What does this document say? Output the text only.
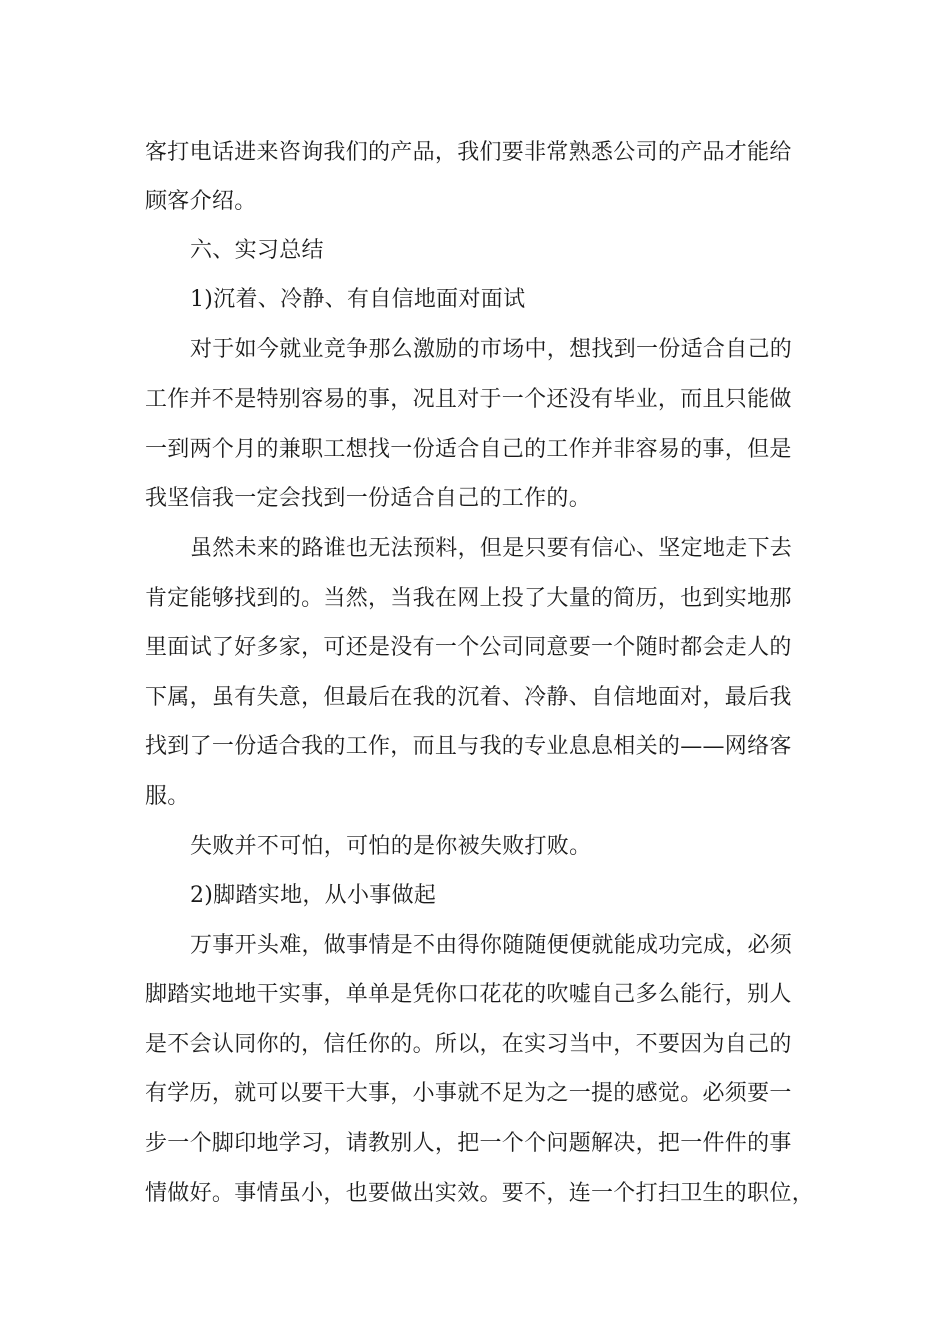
客打电话进来咨询我们的产品，我们要非常熟悉公司的产品才能给
顾客介绍。
六、实习总结
1)沉着、冷静、有自信地面对面试
对于如今就业竞争那么激励的市场中，想找到一份适合自己的
工作并不是特别容易的事，况且对于一个还没有毕业，而且只能做
一到两个月的兼职工想找一份适合自己的工作并非容易的事，但是
我坚信我一定会找到一份适合自己的工作的。
虽然未来的路谁也无法预料，但是只要有信心、坚定地走下去
肯定能够找到的。当然，当我在网上投了大量的简历，也到实地那
里面试了好多家，可还是没有一个公司同意要一个随时都会走人的
下属，虽有失意，但最后在我的沉着、冷静、自信地面对，最后我
找到了一份适合我的工作，而且与我的专业息息相关的——网络客
服。
失败并不可怕，可怕的是你被失败打败。
2)脚踏实地，从小事做起
万事开头难，做事情是不由得你随随便便就能成功完成，必须
脚踏实地地干实事，单单是凭你口花花的吹嘘自己多么能行，别人
是不会认同你的，信任你的。所以，在实习当中，不要因为自己的
有学历，就可以要干大事，小事就不足为之一提的感觉。必须要一
步一个脚印地学习，请教别人，把一个个问题解决，把一件件的事
情做好。事情虽小，也要做出实效。要不，连一个打扫卫生的职位，
